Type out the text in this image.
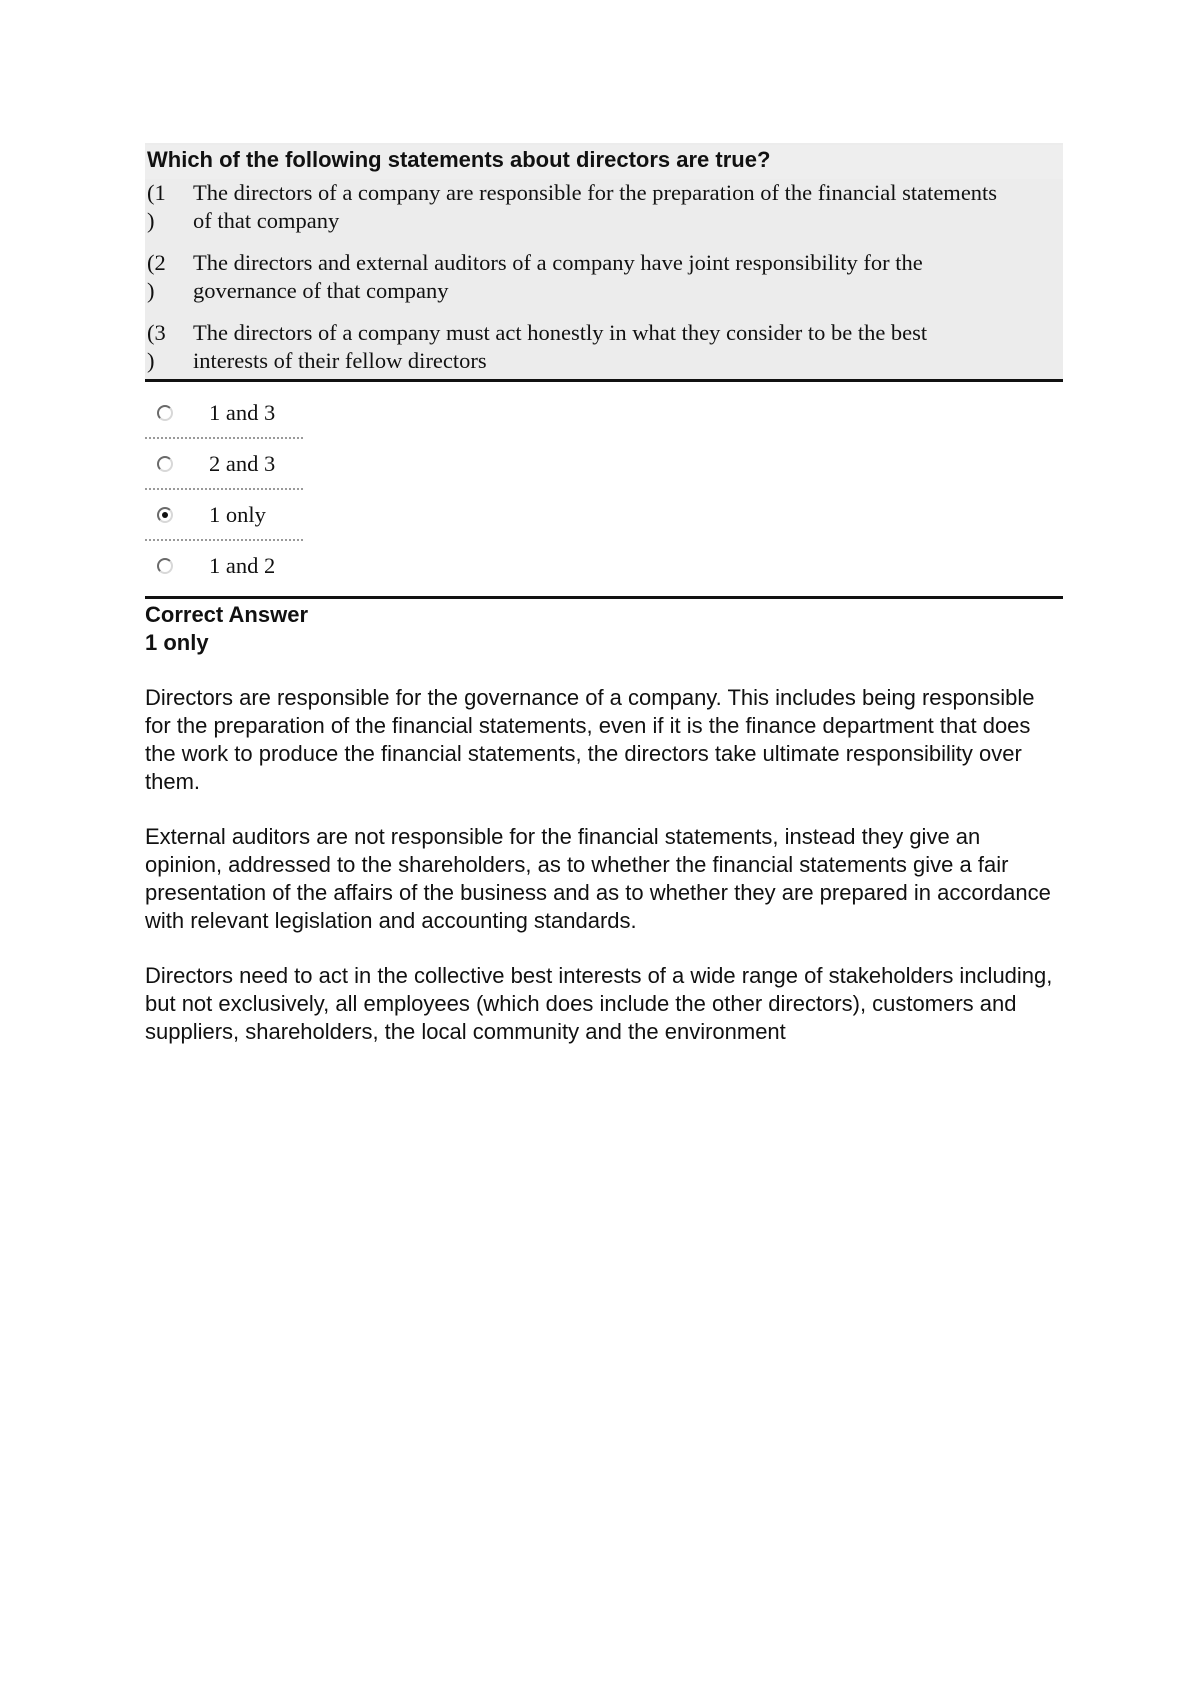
Which of the following statements about directors are true?
(1
)
The directors of a company are responsible for the preparation of the financial statements of that company
(2
)
The directors and external auditors of a company have joint responsibility for the governance of that company
(3
)
The directors of a company must act honestly in what they consider to be the best interests of their fellow directors
1 and 3
2 and 3
1 only
1 and 2
Correct Answer
1 only

Directors are responsible for the governance of a company. This includes being responsible for the preparation of the financial statements, even if it is the finance department that does the work to produce the financial statements, the directors take ultimate responsibility over them.

External auditors are not responsible for the financial statements, instead they give an opinion, addressed to the shareholders, as to whether the financial statements give a fair presentation of the affairs of the business and as to whether they are prepared in accordance with relevant legislation and accounting standards.

Directors need to act in the collective best interests of a wide range of stakeholders including, but not exclusively, all employees (which does include the other directors), customers and suppliers, shareholders, the local community and the environment
